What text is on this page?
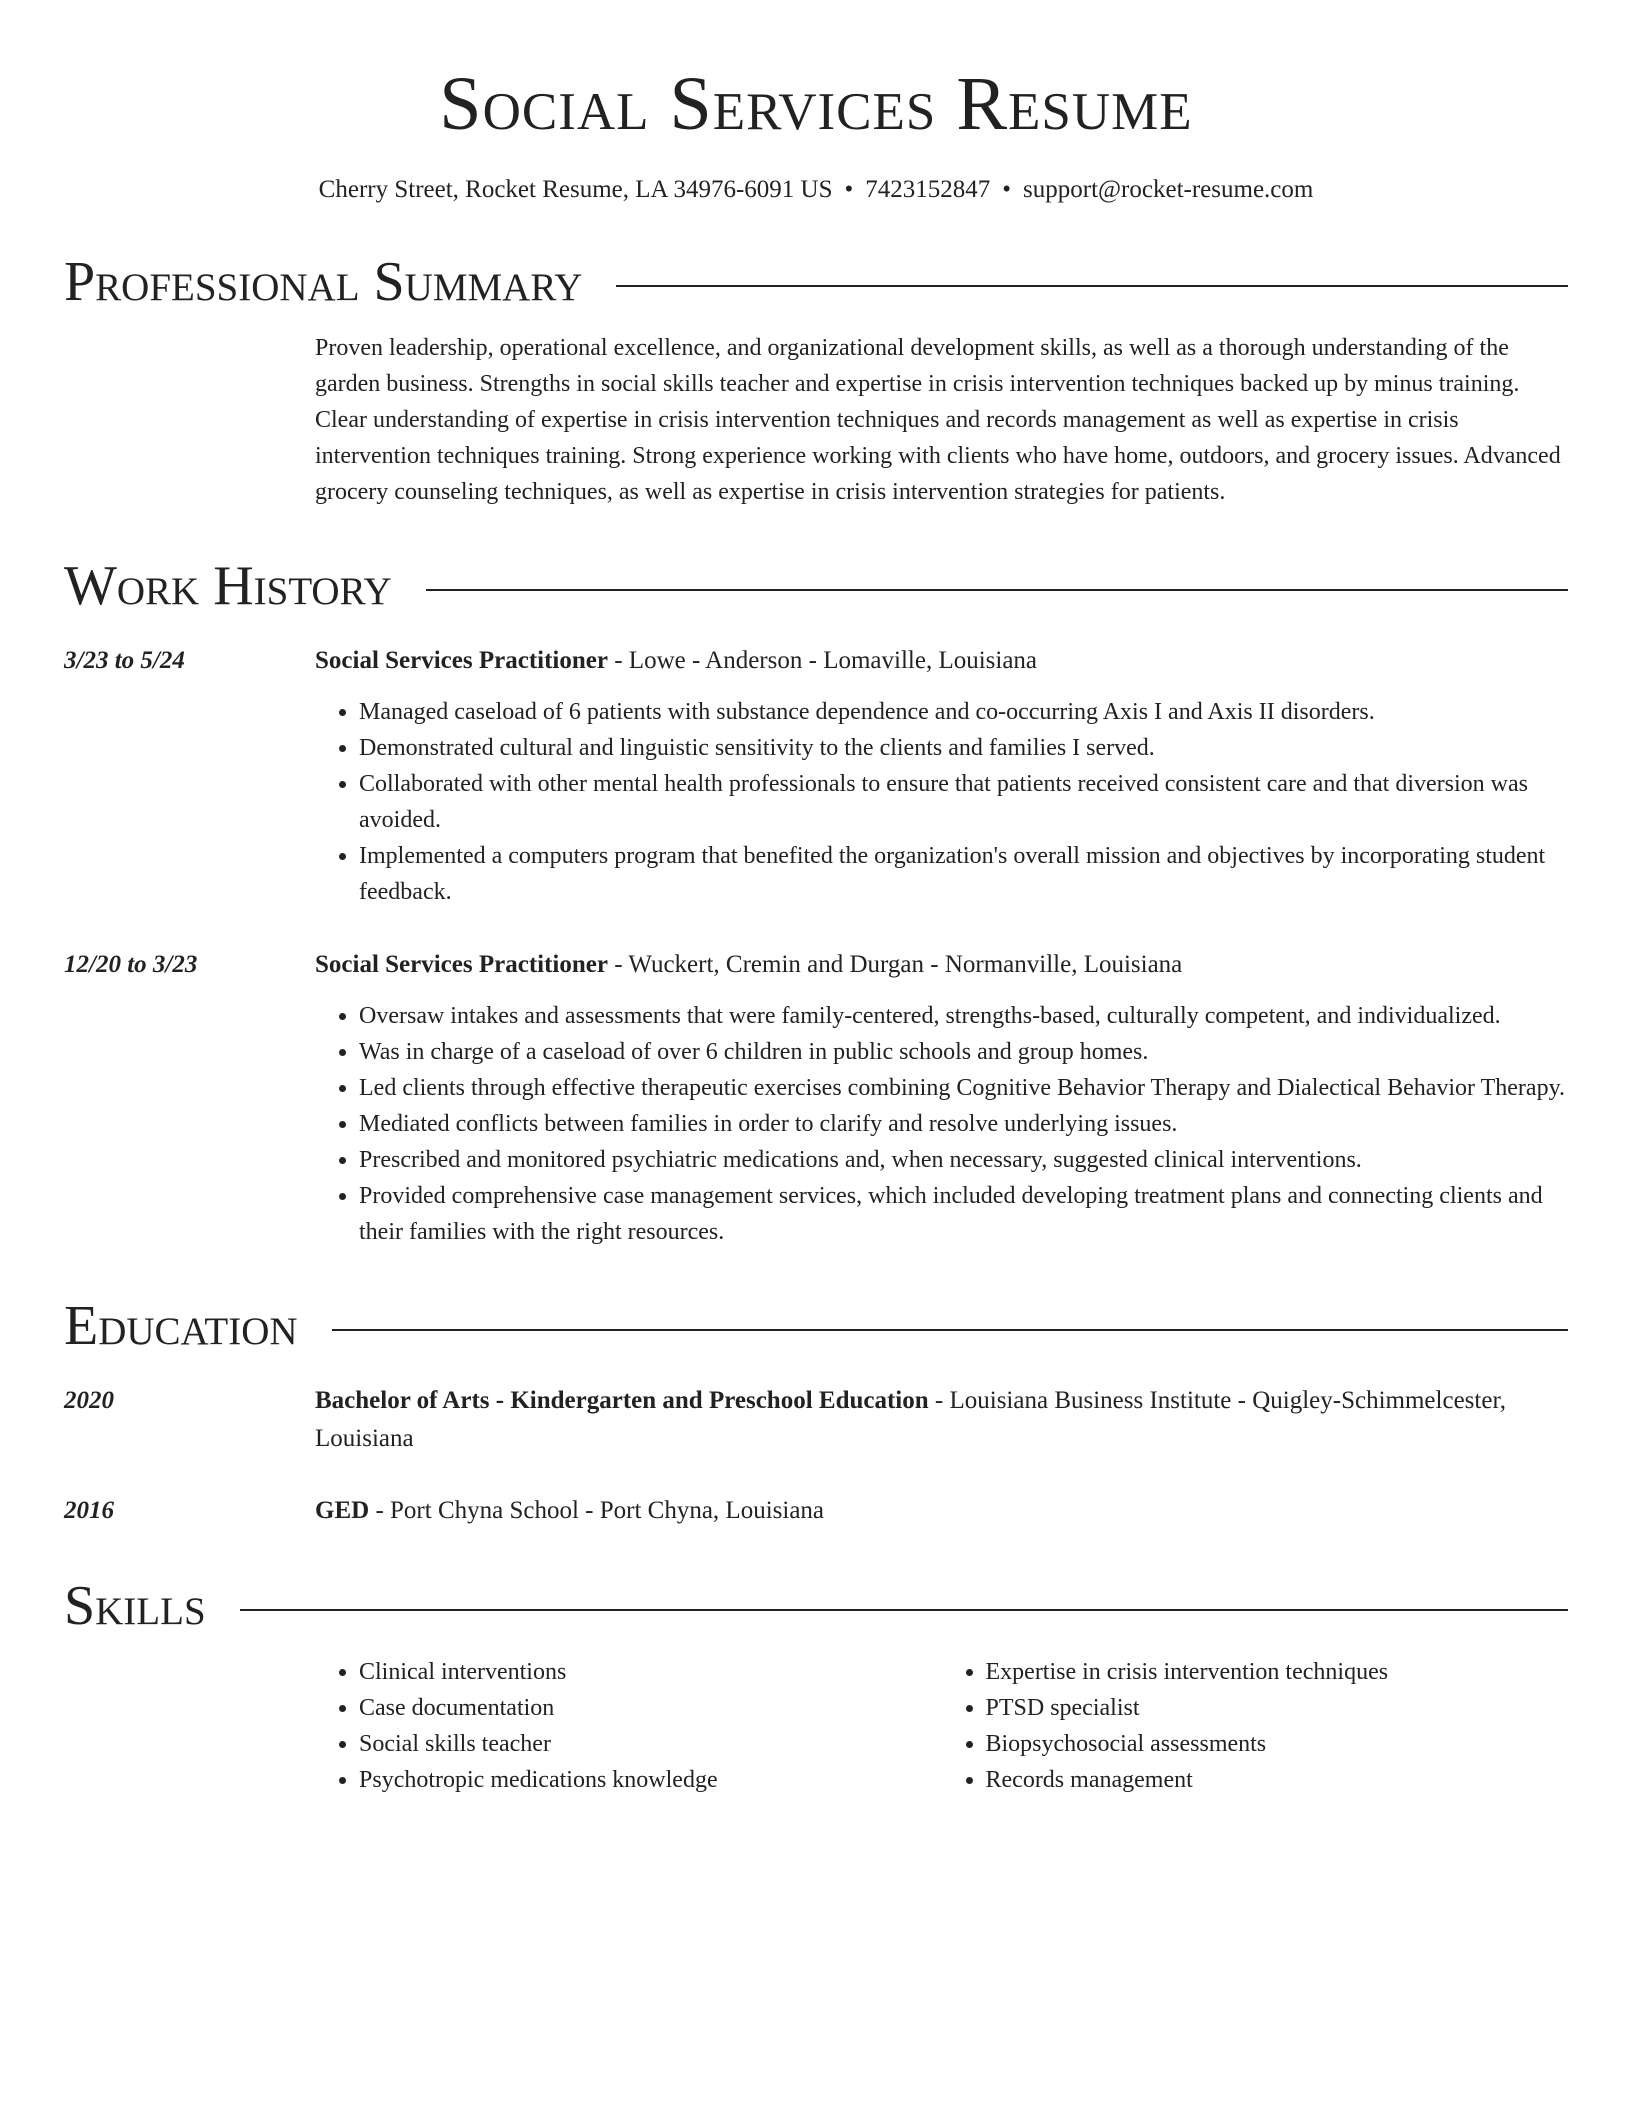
Social Services Resume
Cherry Street, Rocket Resume, LA 34976-6091 US • 7423152847 • support@rocket-resume.com
Professional Summary
Proven leadership, operational excellence, and organizational development skills, as well as a thorough understanding of the garden business. Strengths in social skills teacher and expertise in crisis intervention techniques backed up by minus training. Clear understanding of expertise in crisis intervention techniques and records management as well as expertise in crisis intervention techniques training. Strong experience working with clients who have home, outdoors, and grocery issues. Advanced grocery counseling techniques, as well as expertise in crisis intervention strategies for patients.
Work History
3/23 to 5/24	Social Services Practitioner - Lowe - Anderson - Lomaville, Louisiana
• Managed caseload of 6 patients with substance dependence and co-occurring Axis I and Axis II disorders.
• Demonstrated cultural and linguistic sensitivity to the clients and families I served.
• Collaborated with other mental health professionals to ensure that patients received consistent care and that diversion was avoided.
• Implemented a computers program that benefited the organization's overall mission and objectives by incorporating student feedback.
12/20 to 3/23	Social Services Practitioner - Wuckert, Cremin and Durgan - Normanville, Louisiana
• Oversaw intakes and assessments that were family-centered, strengths-based, culturally competent, and individualized.
• Was in charge of a caseload of over 6 children in public schools and group homes.
• Led clients through effective therapeutic exercises combining Cognitive Behavior Therapy and Dialectical Behavior Therapy.
• Mediated conflicts between families in order to clarify and resolve underlying issues.
• Prescribed and monitored psychiatric medications and, when necessary, suggested clinical interventions.
• Provided comprehensive case management services, which included developing treatment plans and connecting clients and their families with the right resources.
Education
2020	Bachelor of Arts - Kindergarten and Preschool Education - Louisiana Business Institute - Quigley-Schimmelcester, Louisiana
2016	GED - Port Chyna School - Port Chyna, Louisiana
Skills
• Clinical interventions
• Case documentation
• Social skills teacher
• Psychotropic medications knowledge
• Expertise in crisis intervention techniques
• PTSD specialist
• Biopsychosocial assessments
• Records management
